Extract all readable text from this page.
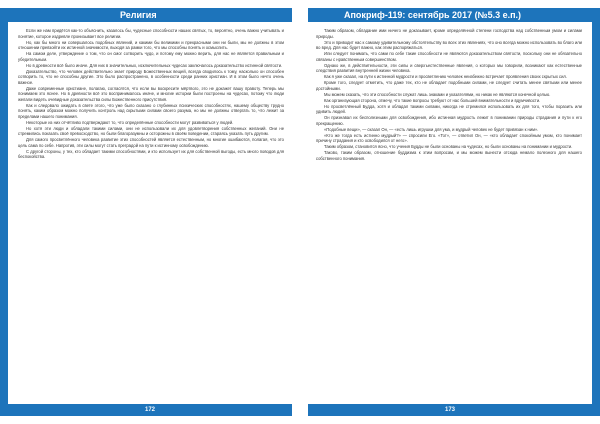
Религия

Если же нам придётся как-то объяснить, казалось бы, чудесные способности наших святых, то, вероятно, очень важно учитывать и понятие, которое издревле пронизывает все религии.

Но, как бы много ни совершалось подобных явлений, и какими бы великими и прекрасными они ни были, мы не должны в этом отношении превзойти их истинной значимости, выходя за рамки того, что мы способны понять и осмыслить.

На самом деле, утверждение о том, что он смог сотворить чудо, и потому ему можно верить, для нас не является правильным и убедительным.

Но в древности всё было иначе. Для них в значительных, исключительных чудесах заключалось доказательство истинной святости.

Доказательство, что человек действительно знает природу Божественных вещей, всегда сводилось к тому, насколько он способен сотворить то, что не способны другие. Это было распространено, в особенности среди ранних христиан. И в этом было нечто очень важное.

Даже современные христиане, полагаю, согласятся, что если вы воскресите мёртвого, это не докажет вашу правоту. Теперь мы понимаем это яснее. Но в древности всё это воспринималось иначе, и многие истории были построены на чудесах, потому что люди желали видеть очевидные доказательства силы Божественного присутствия.

Как и следовало ожидать в свете этого, что уже было сказано о глубинных психических способностях, нашему обществу трудно понять, каким образом можно получить контроль над скрытыми силами своего разума, но мы не должны отвергать то, что лежит за пределами нашего понимания.

Некоторые из них отчётливо подтверждают то, что определённые способности могут развиваться у людей.

Но хотя эти люди и обладали такими силами, они не использовали их для удовлетворения собственных желаний. Они не стремились показать своё превосходство, но были благоразумны и осторожны в своём поведении, стараясь указать путь другим.

Для самого просветлённого человека развитие этих способностей является естественным, но многие ошибаются, полагая, что это цель сама по себе. Напротив, эти силы могут стать преградой на пути к истинному освобождению.

С другой стороны, у тех, кто обладает такими способностями, и кто использует их для собственной выгоды, есть много поводов для беспокойства.

172
Апокриф-119: сентябрь 2017 (№5.3 е.п.)

Таким образом, обладание ими ничего не доказывает, кроме определённой степени господства над собственным умом и силами природы.

Это и приводит нас к самому удивительному обстоятельству во всех этих явлениях, что оно всегда можно использовать во благо или во вред. Для нас будет важно, как этим распоряжаться.

Или следует понимать, что сами по себе такие способности не являются доказательством святости, поскольку они не обязательно связаны с нравственным совершенством.

Однако же, в действительности, эти силы и сверхъестественные явления, о которых мы говорили, возникают как естественные следствия развития внутренней жизни человека.

Как я уже сказал, на пути к истинной мудрости и просветлению человек неизбежно встречает проявления своих скрытых сил.

Кроме того, следует отметить, что даже тех, кто не обладает подобными силами, не следует считать менее святыми или менее достойными.

Мы можем сказать, что эти способности служат лишь знаками и указателями, но никак не являются конечной целью.

Как организующая сторона, отмечу, что такие вопросы требуют от нас большей внимательности и вдумчивости.

Но просветлённый Будда, хотя и обладал такими силами, никогда не стремился использовать их для того, чтобы поразить или удивить людей.

Он признавал их бесполезными для освобождения, ибо истинная мудрость лежит в понимании природы страдания и пути к его прекращению.

«Подобные вещи», — сказал Он, — «есть лишь игрушки для ума, и мудрый человек не будет привязан к ним».

«Кто же тогда есть истинно мудрый?» — спросили Его. «Тот», — ответил Он, — «кто обладает спокойным умом, кто понимает причину страдания и кто освободился от него».

Таким образом, становится ясно, что учения Будды не были основаны на чудесах, но были основаны на понимании и мудрости.

Таково, таким образом, отношение буддизма к этим вопросам, и мы можем вынести отсюда немало полезного для нашего собственного понимания.

173
